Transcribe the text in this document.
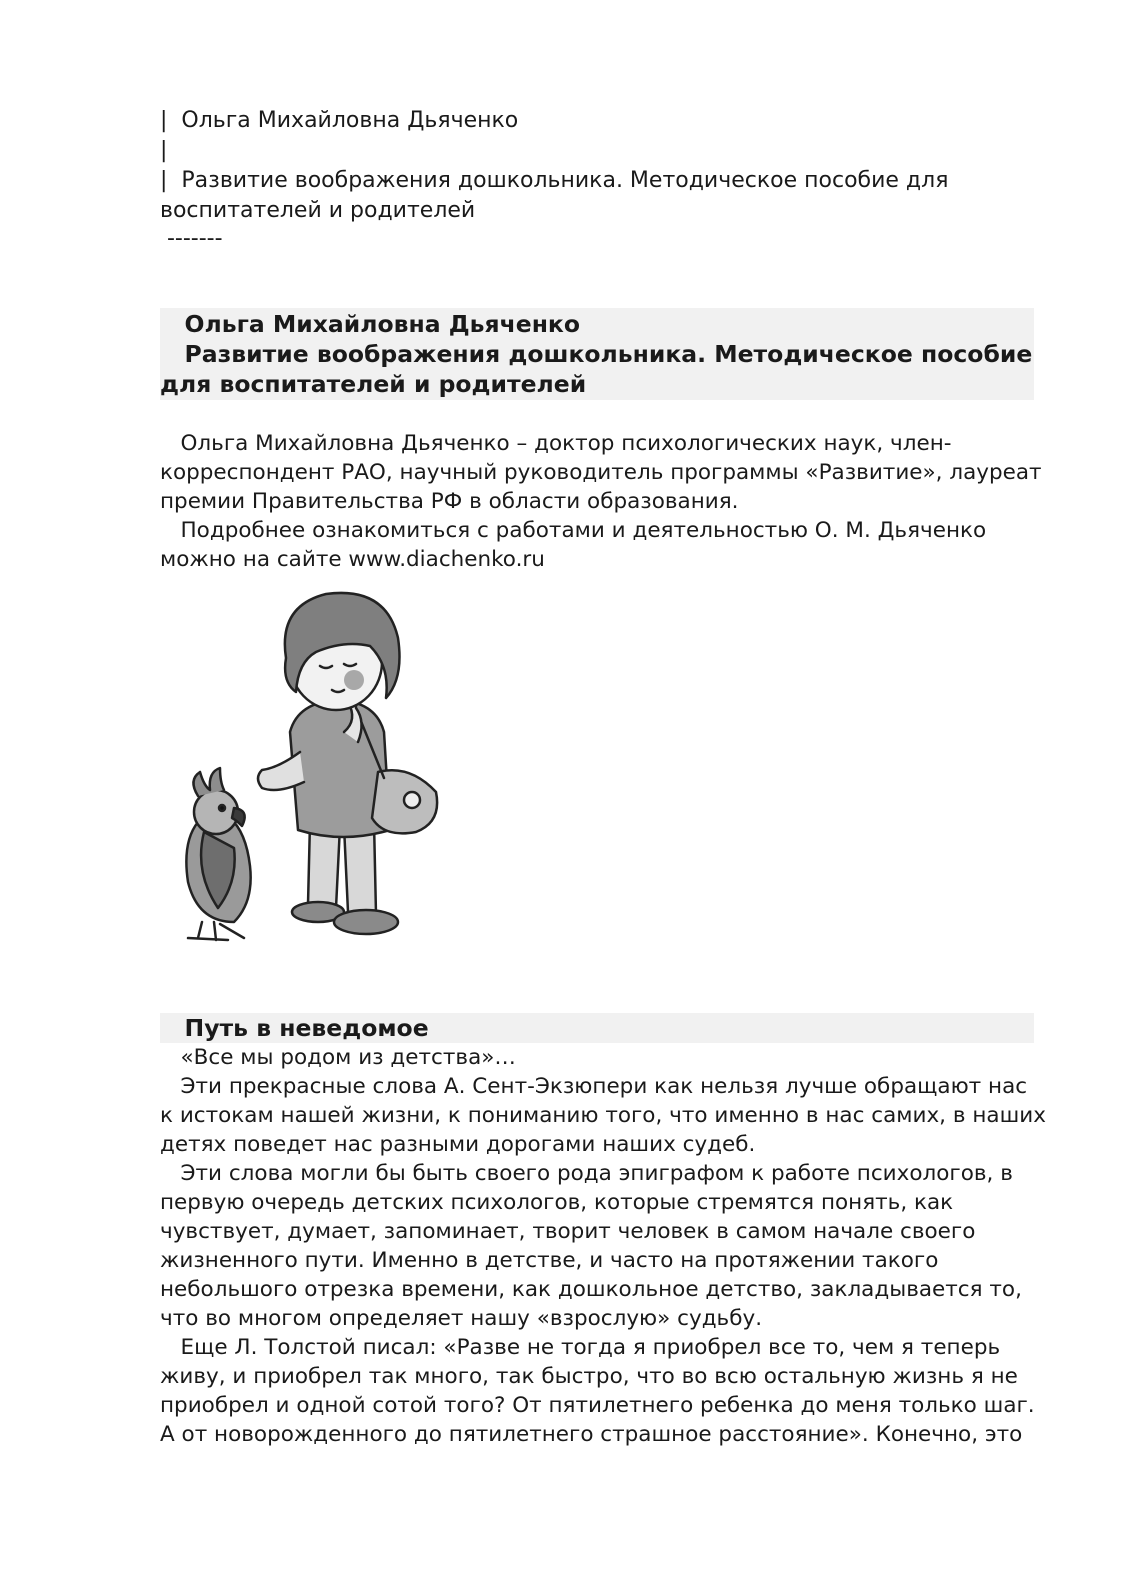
|  Ольга Михайловна Дьяченко
|
|  Развитие воображения дошкольника. Методическое пособие для
воспитателей и родителей
-------
Ольга Михайловна Дьяченко
Развитие воображения дошкольника. Методическое пособие
для воспитателей и родителей
Ольга Михайловна Дьяченко – доктор психологических наук, член-
корреспондент РАО, научный руководитель программы «Развитие», лауреат
премии Правительства РФ в области образования.
Подробнее ознакомиться с работами и деятельностью О. М. Дьяченко
можно на сайте www.diachenko.ru
Путь в неведомое
«Все мы родом из детства»…
Эти прекрасные слова А. Сент-Экзюпери как нельзя лучше обращают нас
к истокам нашей жизни, к пониманию того, что именно в нас самих, в наших
детях поведет нас разными дорогами наших судеб.
Эти слова могли бы быть своего рода эпиграфом к работе психологов, в
первую очередь детских психологов, которые стремятся понять, как
чувствует, думает, запоминает, творит человек в самом начале своего
жизненного пути. Именно в детстве, и часто на протяжении такого
небольшого отрезка времени, как дошкольное детство, закладывается то,
что во многом определяет нашу «взрослую» судьбу.
Еще Л. Толстой писал: «Разве не тогда я приобрел все то, чем я теперь
живу, и приобрел так много, так быстро, что во всю остальную жизнь я не
приобрел и одной сотой того? От пятилетнего ребенка до меня только шаг.
А от новорожденного до пятилетнего страшное расстояние». Конечно, это
